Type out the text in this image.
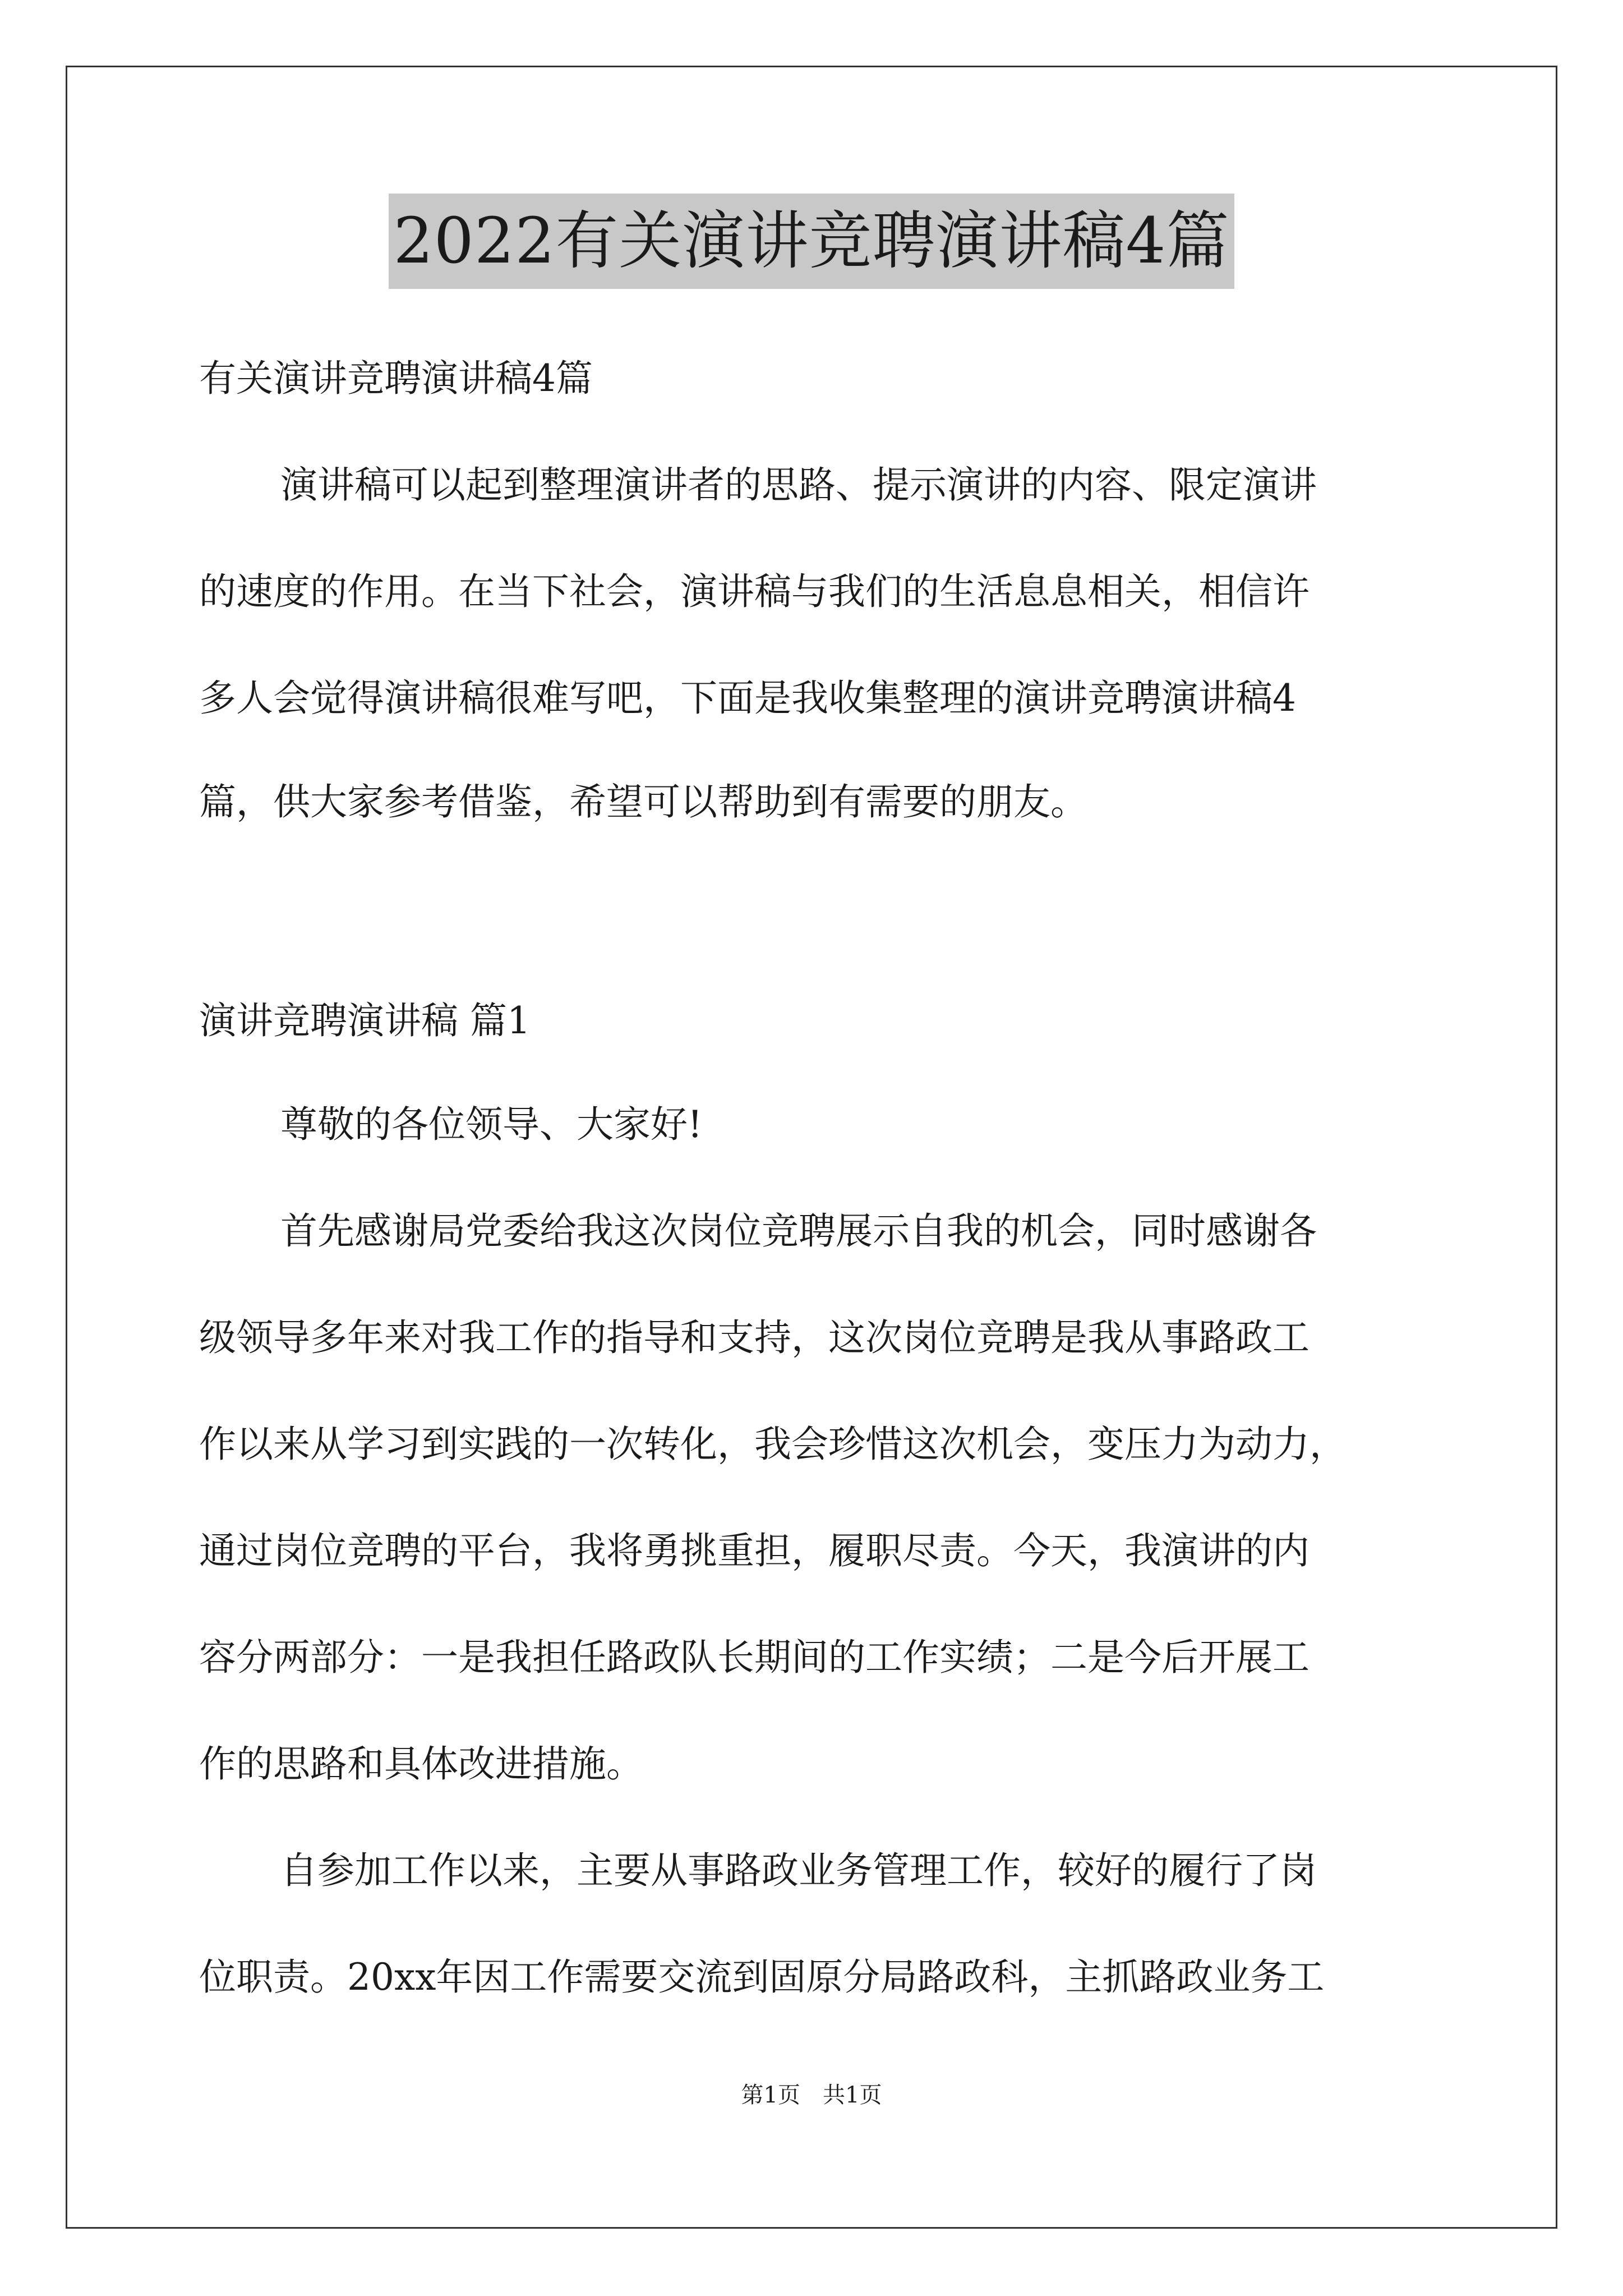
2022有关演讲竞聘演讲稿4篇
有关演讲竞聘演讲稿4篇
演讲稿可以起到整理演讲者的思路、提示演讲的内容、限定演讲
的速度的作用。在当下社会，演讲稿与我们的生活息息相关，相信许
多人会觉得演讲稿很难写吧，下面是我收集整理的演讲竞聘演讲稿4
篇，供大家参考借鉴，希望可以帮助到有需要的朋友。
演讲竞聘演讲稿 篇1
尊敬的各位领导、大家好!
首先感谢局党委给我这次岗位竞聘展示自我的机会，同时感谢各
级领导多年来对我工作的指导和支持，这次岗位竞聘是我从事路政工
作以来从学习到实践的一次转化，我会珍惜这次机会，变压力为动力，
通过岗位竞聘的平台，我将勇挑重担，履职尽责。今天，我演讲的内
容分两部分：一是我担任路政队长期间的工作实绩；二是今后开展工
作的思路和具体改进措施。
自参加工作以来，主要从事路政业务管理工作，较好的履行了岗
位职责。20xx年因工作需要交流到固原分局路政科，主抓路政业务工
第1页　共1页
